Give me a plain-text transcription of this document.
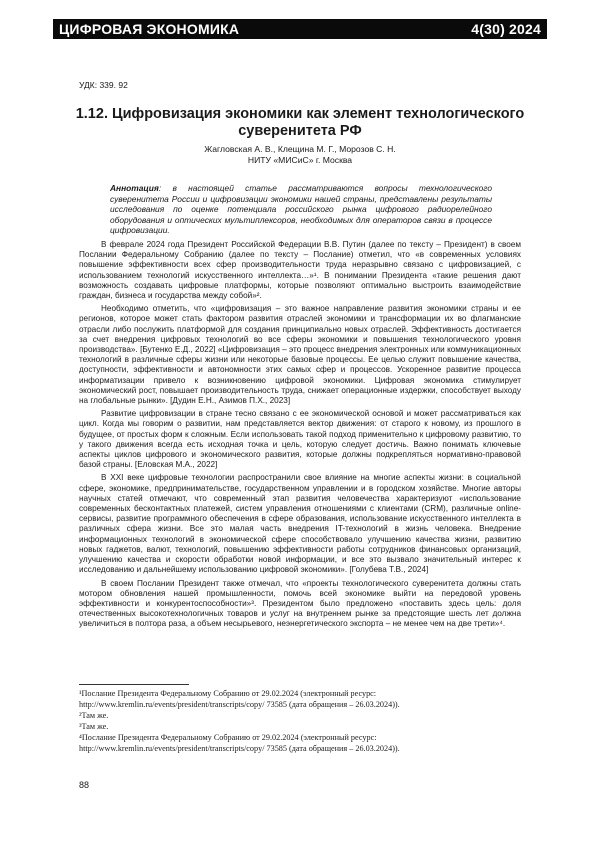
ЦИФРОВАЯ ЭКОНОМИКА	4(30) 2024
УДК: 339. 92
1.12. Цифровизация экономики как элемент технологического суверенитета РФ
Жагловская А. В., Клещина М. Г., Морозов С. Н.
НИТУ «МИСиС» г. Москва
Аннотация: в настоящей статье рассматриваются вопросы технологического суверенитета России и цифровизации экономики нашей страны, представлены результаты исследования по оценке потенциала российского рынка цифрового радиорелейного оборудования и оптических мультиплексоров, необходимых для операторов связи в процессе цифровизации.

В феврале 2024 года Президент Российской Федерации В.В. Путин (далее по тексту – Президент) в своем Послании Федеральному Собранию (далее по тексту – Послание) отметил, что «в современных условиях повышение эффективности всех сфер производительности труда неразрывно связано с цифровизацией, с использованием технологий искусственного интеллекта…»¹. В понимании Президента «такие решения дают возможность создавать цифровые платформы, которые позволяют оптимально выстроить взаимодействие граждан, бизнеса и государства между собой»².

Необходимо отметить, что «цифровизация – это важное направление развития экономики страны и ее регионов, которое может стать фактором развития отраслей экономики и трансформации их во флагманские отрасли либо послужить платформой для создания принципиально новых отраслей. Эффективность достигается за счет внедрения цифровых технологий во все сферы экономики и повышения технологического уровня производства». [Бутенко Е.Д., 2022] «Цифровизация – это процесс внедрения электронных или коммуникационных технологий в различные сферы жизни или некоторые базовые процессы. Ее целью служит повышение качества, доступности, эффективности и автономности этих самых сфер и процессов. Ускоренное развитие процесса информатизации привело к возникновению цифровой экономики. Цифровая экономика стимулирует экономический рост, повышает производительность труда, снижает операционные издержки, способствует выходу на глобальные рынки». [Дудин Е.Н., Азимов П.Х., 2023]

Развитие цифровизации в стране тесно связано с ее экономической основой и может рассматриваться как цикл. Когда мы говорим о развитии, нам представляется вектор движения: от старого к новому, из прошлого в будущее, от простых форм к сложным. Если использовать такой подход применительно к цифровому развитию, то у такого движения всегда есть исходная точка и цель, которую следует достичь. Важно понимать ключевые аспекты циклов цифрового и экономического развития, которые должны подкрепляться нормативно-правовой базой страны. [Еловская М.А., 2022]

В XXI веке цифровые технологии распространили свое влияние на многие аспекты жизни: в социальной сфере, экономике, предпринимательстве, государственном управлении и в городском хозяйстве. Многие авторы научных статей отмечают, что современный этап развития человечества характеризуют «использование современных бесконтактных платежей, систем управления отношениями с клиентами (CRM), различные online-сервисы, развитие программного обеспечения в сфере образования, использование искусственного интеллекта в различных сфера жизни. Все это малая часть внедрения IT-технологий в жизнь человека. Внедрение информационных технологий в экономической сфере способствовало улучшению качества жизни, развитию новых гаджетов, валют, технологий, повышению эффективности работы сотрудников финансовых организаций, улучшению качества и скорости обработки новой информации, и все это вызвало значительный интерес к исследованию и дальнейшему использованию цифровой экономики». [Голубева Т.В., 2024]

В своем Послании Президент также отмечал, что «проекты технологического суверенитета должны стать мотором обновления нашей промышленности, помочь всей экономике выйти на передовой уровень эффективности и конкурентоспособности»³. Президентом было предложено «поставить здесь цель: доля отечественных высокотехнологичных товаров и услуг на внутреннем рынке за предстоящие шесть лет должна увеличиться в полтора раза, а объем несырьевого, неэнергетического экспорта – не менее чем на две трети»⁴.

¹Послание Президента Федеральному Собранию от 29.02.2024 (электронный ресурс:
http://www.kremlin.ru/events/president/transcripts/copy/ 73585 (дата обращения – 26.03.2024)).
²Там же.
³Там же.
⁴Послание Президента Федеральному Собранию от 29.02.2024 (электронный ресурс:
http://www.kremlin.ru/events/president/transcripts/copy/ 73585 (дата обращения – 26.03.2024)).
88
